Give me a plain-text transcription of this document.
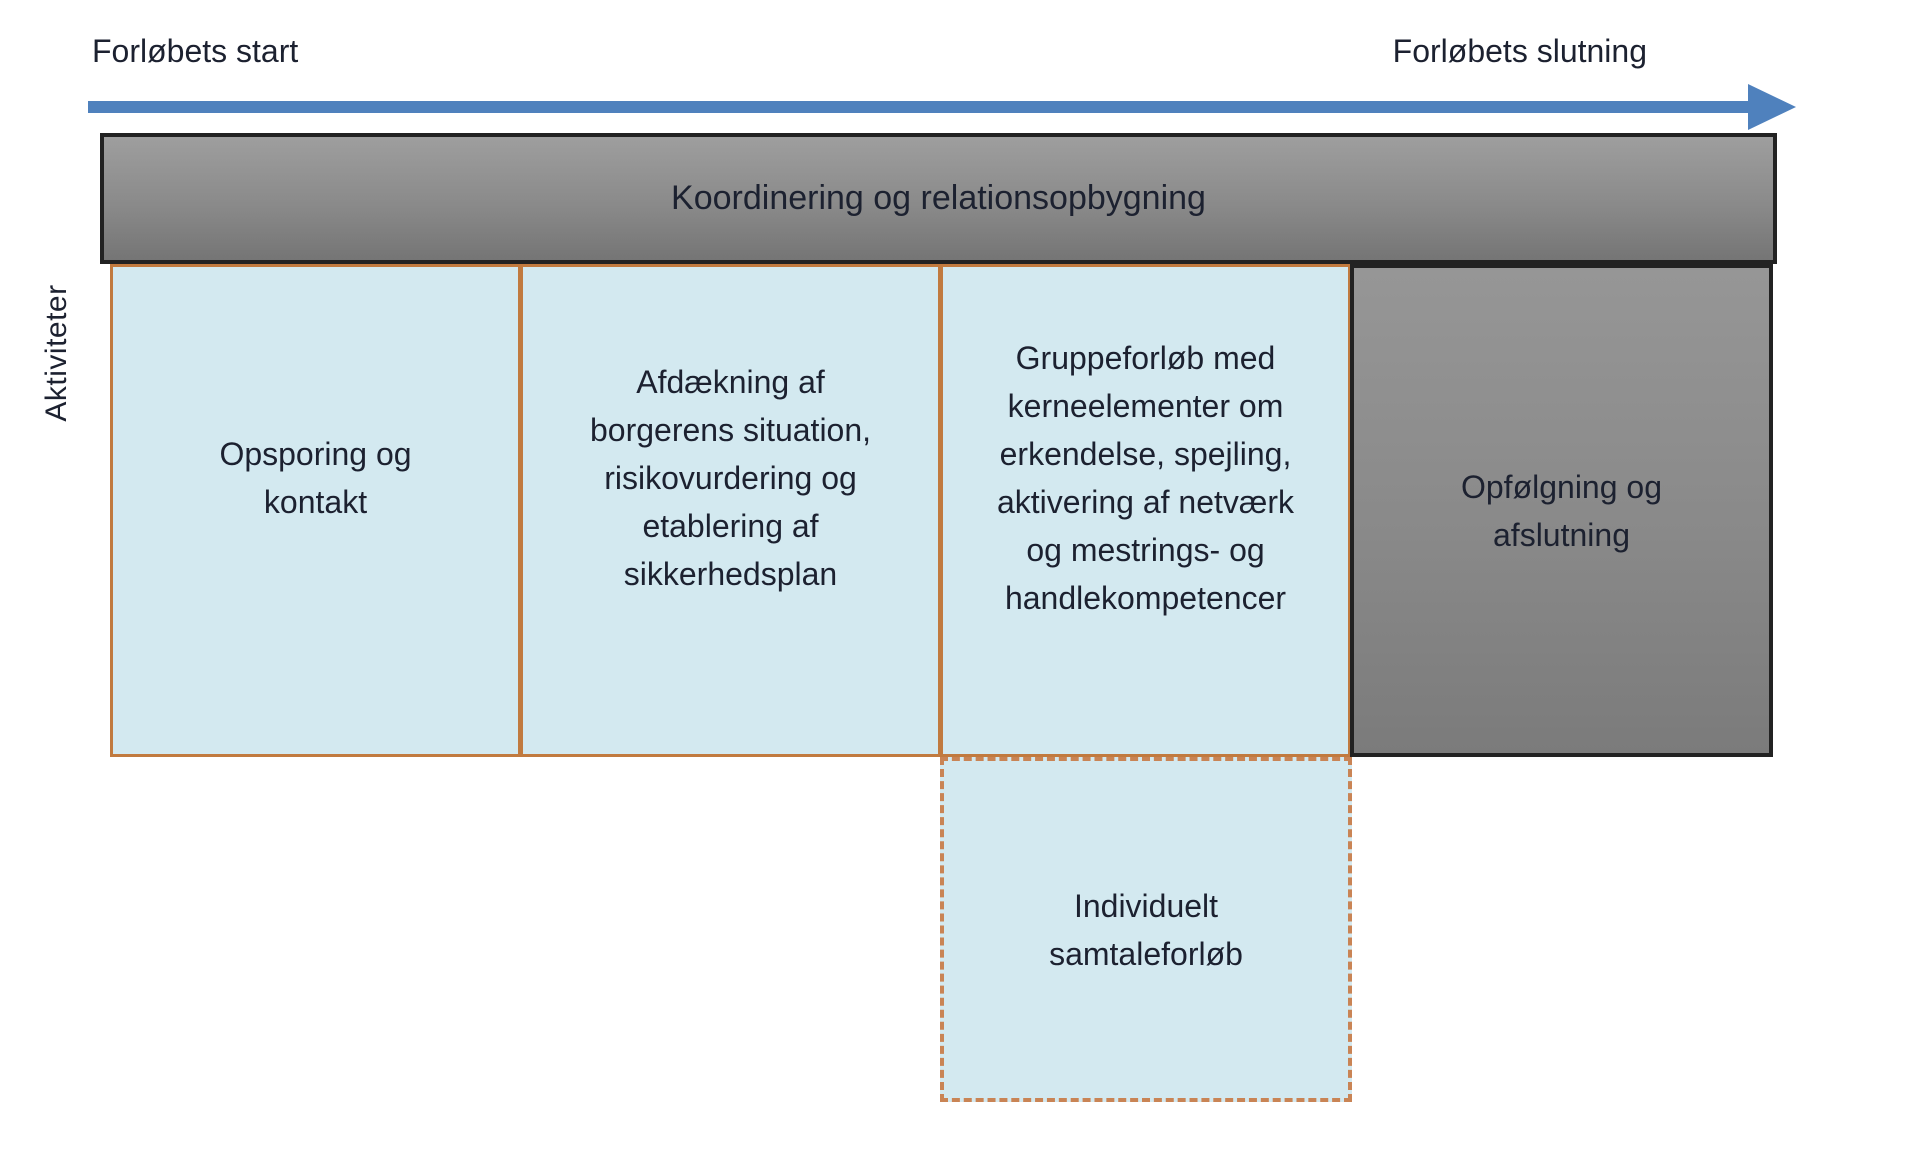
Forløbets start	Forløbets slutning
Koordinering og relationsopbygning
Aktiviteter
Opsporing og kontakt
Afdækning af borgerens situation, risikovurdering og etablering af sikkerhedsplan
Gruppeforløb med kerneelementer om erkendelse, spejling, aktivering af netværk og mestrings- og handlekompetencer
Opfølgning og afslutning
Individuelt samtaleforløb
